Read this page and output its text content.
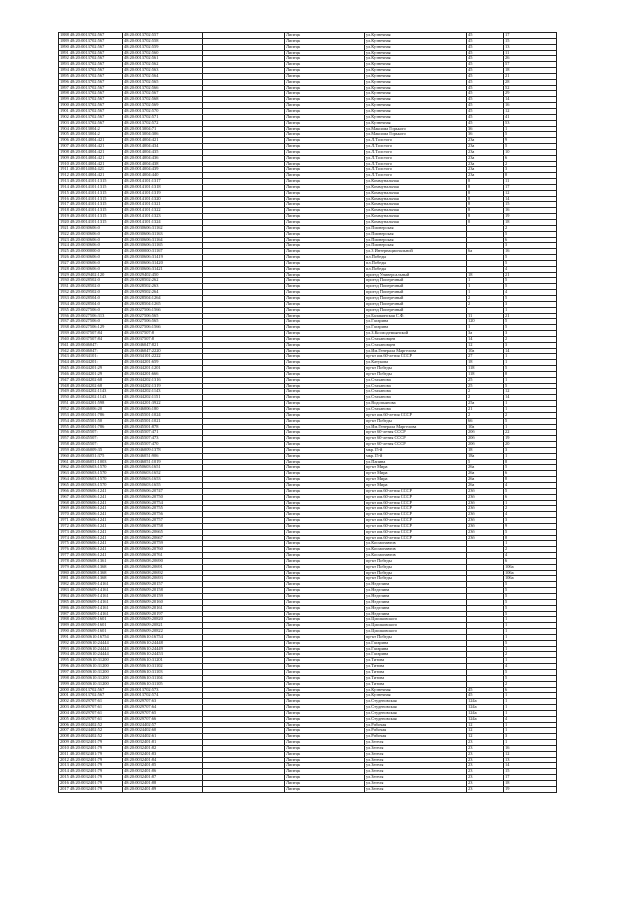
1888 48:20:0013702:567	48:20:0013702:557		Липецк	ул.Кузнечная	45	17
1889 48:20:0013702:567	48:20:0013702:558		Липецк	ул.Кузнечная	45	15
1890 48:20:0013702:567	48:20:0013702:559		Липецк	ул.Кузнечная	45	13
1891 48:20:0013702:567	48:20:0013702:560		Липецк	ул.Кузнечная	45	11
1892 48:20:0013702:567	48:20:0013702:561		Липецк	ул.Кузнечная	45	26
1893 48:20:0013702:567	48:20:0013702:562		Липецк	ул.Кузнечная	45	57
1894 48:20:0013702:567	48:20:0013702:563		Липецк	ул.Кузнечная	45	18
1895 48:20:0013702:567	48:20:0013702:564		Липецк	ул.Кузнечная	45	21
1896 48:20:0013702:567	48:20:0013702:565		Липецк	ул.Кузнечная	45	28
1897 48:20:0013702:567	48:20:0013702:566		Липецк	ул.Кузнечная	45	52
1898 48:20:0013702:567	48:20:0013702:567		Липецк	ул.Кузнечная	45	29
1899 48:20:0013702:567	48:20:0013702:568		Липецк	ул.Кузнечная	45	14
1900 48:20:0013702:567	48:20:0013702:569		Липецк	ул.Кузнечная	45	16
1901 48:20:0013702:567	48:20:0013702:570		Липецк	ул.Кузнечная	45	12
1902 48:20:0013702:567	48:20:0013702:571		Липецк	ул.Кузнечная	45	41
1903 48:20:0013702:567	48:20:0013702:572		Липецк	ул.Кузнечная	45	53
1904 48:20:0013004:2	48:20:0013004:71		Липецк	ул.Максима Горького	36	1
1905 48:20:0013004:2	48:20:0013004:306		Липецк	ул.Максима Горького	36	5
1906 48:20:0014004:421	48:20:0014004:421		Липецк	ул.Л.Толстого	23а	9
1907 48:20:0014004:421	48:20:0014004:434		Липецк	ул.Л.Толстого	23а	5
1908 48:20:0014004:421	48:20:0014004:435		Липецк	ул.Л.Толстого	23а	10
1909 48:20:0014004:421	48:20:0014004:436		Липецк	ул.Л.Толстого	23а	6
1910 48:20:0014004:421	48:20:0014004:438		Липецк	ул.Л.Толстого	23а	2
1911 48:20:0014004:421	48:20:0014004:439		Липецк	ул.Л.Толстого	23а	3
1912 48:20:0014004:421	48:20:0014004:440		Липецк	ул.Л.Толстого	23а	8
1913 48:20:0014101:1315	48:20:0014101:1317		Липецк	ул.Коммунальная	8	11
1914 48:20:0014101:1315	48:20:0014101:1318		Липецк	ул.Коммунальная	8	17
1915 48:20:0014101:1315	48:20:0014101:1319		Липецк	ул.Коммунальная	8	12
1916 48:20:0014101:1315	48:20:0014101:1320		Липецк	ул.Коммунальная	8	14
1917 48:20:0014101:1315	48:20:0014101:1321		Липецк	ул.Коммунальная	8	15
1918 48:20:0014101:1315	48:20:0014101:1322		Липецк	ул.Коммунальная	8	16
1919 48:20:0014101:1315	48:20:0014101:1323		Липецк	ул.Коммунальная	8	19
1920 48:20:0014101:1315	48:20:0014101:1324		Липецк	ул.Коммунальная	8	18
1921 48:20:0030606:0	48:20:0030606:31162		Липецк	ул.Пионерская		2
1922 48:20:0030606:0	48:20:0030606:31163		Липецк	ул.Пионерская		5
1923 48:20:0030606:0	48:20:0030606:31164		Липецк	ул.Пионерская		6
1924 48:20:0030606:0	48:20:0030606:31165		Липецк	ул.Пионерская		3
1925 48:20:0000000:0	48:20:0000000:31167		Липецк	ул.3 Интернациональной	6а	16
1926 48:20:0030606:0	48:20:0030606:31419		Липецк	пл.Победы		5
1927 48:20:0030606:0	48:20:0030606:31420		Липецк	пл.Победы		5
1928 48:20:0030606:0	48:20:0030606:31421		Липецк	пл.Победы		4
1929 48:20:0029402:120	48:20:0029402:450		Липецк	проезд Универсальный	18	21
1930 48:20:0028502:0	48:20:0028502:262		Липецк	проезд Поперечный	1	5
1931 48:20:0028502:0	48:20:0028502:263		Липецк	проезд Поперечный	1	5
1932 48:20:0029502:0	48:20:0029502:264		Липецк	проезд Поперечный	1	4
1933 48:20:0028504:0	48:20:0028504:1264		Липецк	проезд Поперечный	2	5
1934 48:20:0028504:0	48:20:0028504:1265		Липецк	проезд Поперечный	2	3
1935 48:20:0027506:0	48:20:0027506:1566		Липецк	проезд Поперечный		1
1936 48:20:0027506:313	48:20:0027506:565		Липецк	ул.Балакинская С.Ф.	11	21
1937 48:20:0027506:0	48:20:0027506:565		Липецк	ул.Гагарина	120	5
1938 48:20:0027506:129	48:20:0027506:1566		Липецк	ул.Гагарина	1	5
1939 48:20:0037507:84	48:20:0037507:8		Липецк	ул.З.Космодемьянской	3а	3
1940 48:20:0037507:84	48:20:0037507:8		Липецк	ул.Стахановцев	14	2
1941 48:20:0046047:	48:20:0046047:821		Липецк	ул.Стахановцев	12	3
1942 48:20:0046047:	48:20:0046047:2220		Липецк	ул.Им.Генерала Маргелова	10а	14
1943 48:20:0034101:	48:20:0034101:2222		Липецк	пр-кт им.60-летия СССР	27	1
1944 48:20:0044201:	48:20:0044201:659		Липецк	ул.Катукова	18	1
1945 48:20:0044201:29	48:20:0044201:1201		Липецк	пр-кт Победы	118	5
1946 48:20:0044201:29	48:20:0044201:666		Липецк	пр-кт Победы	118	8
1947 48:20:0044202:68	48:20:0044202:1316		Липецк	ул.Стаханова	25	1
1948 48:20:0044202:68	48:20:0044202:1319		Липецк	ул.Стаханова	25	5
1949 48:20:0044202:1143	48:20:0044202:1143		Липецк	ул.Стаханова	2	12
1950 48:20:0044202:1143	48:20:0044202:1151		Липецк	ул.Стаханова	2	14
1951 48:20:0044201:598	48:20:0044201:3922		Липецк	ул.Водопьянова	25а	1
1952 48:20:0046006:20	48:20:0046006:180		Липецк	ул.Стаханова	21	1
1953 48:20:0045501:786	48:20:0045501:1024		Липецк	пр-кт им.60-летия СССР	2	2
1954 48:20:0045501:50	48:20:0045501:1021		Липецк	пр-кт Победы	66	5
1955 48:20:0045501:786	48:20:0045501:878		Липецк	ул.Им.Генерала Маргелова	10а	1
1956 48:20:0045507:	48:20:0045507:471		Липецк	пр-кт 60-летия СССР	20б	22
1957 48:20:0045507:	48:20:0045507:473		Липецк	пр-кт 60-летия СССР	20б	19
1958 48:20:0045507:	48:20:0045507:470		Липецк	пр-кт 60-летия СССР	20б	20
1959 48:20:0046009:35	48:20:0046009:1378		Липецк	мкр.15-й	18	3
1960 48:20:0046051:375	48:20:0046051:906		Липецк	мкр.15-й	18а	1
1961 48:20:0046051:1003	48:20:0046051:1019		Липецк	ул.Папина	5	8
1962 48:20:0050603:1570	48:20:0050603:1651		Липецк	пр-кт Мира	26а	5
1963 48:20:0050603:1570	48:20:0050603:1652		Липецк	пр-кт Мира	26а	6
1964 48:20:0050603:1570	48:20:0050603:1653		Липецк	пр-кт Мира	26а	8
1965 48:20:0050603:1570	48:20:0050603:1655		Липецк	пр-кт Мира	26а	4
1966 48:20:0050606:1241	48:20:0050606:20747		Липецк	пр-кт им.60-летия СССР	23б	5
1967 48:20:0050606:1241	48:20:0050606:20750		Липецк	пр-кт им.60-летия СССР	23б	6
1968 48:20:0050606:1241	48:20:0050606:20754		Липецк	пр-кт им.60-летия СССР	23б	1
1969 48:20:0050606:1241	48:20:0050606:20755		Липецк	пр-кт им.60-летия СССР	23б	2
1970 48:20:0050606:1241	48:20:0050606:20756		Липецк	пр-кт им.60-летия СССР	23б	4
1971 48:20:0050606:1241	48:20:0050606:20757		Липецк	пр-кт им.60-летия СССР	23б	3
1972 48:20:0050606:1241	48:20:0050606:20758		Липецк	пр-кт им.60-летия СССР	23б	9
1973 48:20:0050606:1241	48:20:0050606:20665		Липецк	пр-кт им.60-летия СССР	23б	5
1974 48:20:0050606:1241	48:20:0050606:20667		Липецк	пр-кт им.60-летия СССР	23б	8
1975 48:20:0050606:1241	48:20:0050606:20759		Липецк	ул.Космонавтов		1
1976 48:20:0050606:1241	48:20:0050606:20760		Липецк	ул.Космонавтов		2
1977 48:20:0050606:1241	48:20:0050606:20761		Липецк	ул.Космонавтов		4
1978 48:20:0050608:1361	48:20:0050608:20690		Липецк	пр-кт Победы		6
1979 48:20:0050608:1368	48:20:0050608:20691		Липецк	пр-кт Победы		106а
1980 48:20:0050608:1368	48:20:0050608:20692		Липецк	пр-кт Победы		106а
1981 48:20:0050608:1368	48:20:0050608:20693		Липецк	пр-кт Победы		106а
1982 48:20:0050609:14161	48:20:0050609:20157		Липецк	ул.Неделина		5
1983 48:20:0050609:14161	48:20:0050609:20158		Липецк	ул.Неделина		5
1984 48:20:0050609:14161	48:20:0050609:20159		Липецк	ул.Неделина		5
1985 48:20:0050609:14161	48:20:0050609:20160		Липецк	ул.Неделина		5
1986 48:20:0050609:14161	48:20:0050609:20161		Липецк	ул.Неделина		5
1987 48:20:0050609:14161	48:20:0050609:20197		Липецк	ул.Неделина		5
1988 48:20:0050609:1601	48:20:0050609:20820		Липецк	ул.Циолковского		1
1989 48:20:0050609:1601	48:20:0050609:20821		Липецк	ул.Циолковского		1
1990 48:20:0050609:1601	48:20:0050609:20822		Липецк	ул.Циолковского		1
1991 48:20:0050610:16754	48:20:0050610:16754		Липецк	пр-кт Победы		1
1992 48:20:0050610:24444	48:20:0050610:24448		Липецк	ул.Гагарина		5
1993 48:20:0050610:24444	48:20:0050610:24449		Липецк	ул.Гагарина		1
1994 48:20:0050610:24444	48:20:0050610:24453		Липецк	ул.Гагарина		2
1995 48:20:0050610:31200	48:20:0050610:31201		Липецк	ул.Титова		1
1996 48:20:0050610:31200	48:20:0050610:31102		Липецк	ул.Титова		4
1997 48:20:0050610:31200	48:20:0050610:31103		Липецк	ул.Титова		5
1998 48:20:0050610:31200	48:20:0050610:31104		Липецк	ул.Титова		5
1999 48:20:0050610:31200	48:20:0050610:31105		Липецк	ул.Титова		2
2000 48:20:0013702:567	48:20:0013702:573		Липецк	ул.Кузнечная	45	6
2001 48:20:0013702:567	48:20:0013702:574		Липецк	ул.Кузнечная	45	1
2002 48:20:0029707:61	48:20:0029707:63		Липецк	ул.Студеновская	124а	1
2003 48:20:0029707:61	48:20:0029707:64		Липецк	ул.Студеновская	124а	1
2004 48:20:0029707:61	48:20:0029707:65		Липецк	ул.Студеновская	124а	1
2005 48:20:0029707:61	48:20:0029707:66		Липецк	ул.Студеновская	124а	4
2006 48:20:0024402:52	48:20:0024402:57		Липецк	ул.Рабочая	12	1
2007 48:20:0024402:52	48:20:0024402:60		Липецк	ул.Рабочая	12	1
2008 48:20:0024402:52	48:20:0024402:61		Липецк	ул.Рабочая	12	3
2009 48:20:0032401:79	48:20:0032401:81		Липецк	ул.Зегеля	23	1
2010 48:20:0032401:79	48:20:0032401:82		Липецк	ул.Зегеля	23	16
2011 48:20:0032401:79	48:20:0032401:83		Липецк	ул.Зегеля	23	12
2012 48:20:0032401:79	48:20:0032401:84		Липецк	ул.Зегеля	23	13
2013 48:20:0032401:79	48:20:0032401:85		Липецк	ул.Зегеля	23	14
2014 48:20:0032401:79	48:20:0032401:86		Липецк	ул.Зегеля	23	15
2015 48:20:0032401:79	48:20:0032401:87		Липецк	ул.Зегеля	23	17
2016 48:20:0032401:79	48:20:0032401:88		Липецк	ул.Зегеля	23	18
2017 48:20:0032401:79	48:20:0032401:89		Липецк	ул.Зегеля	23	19
